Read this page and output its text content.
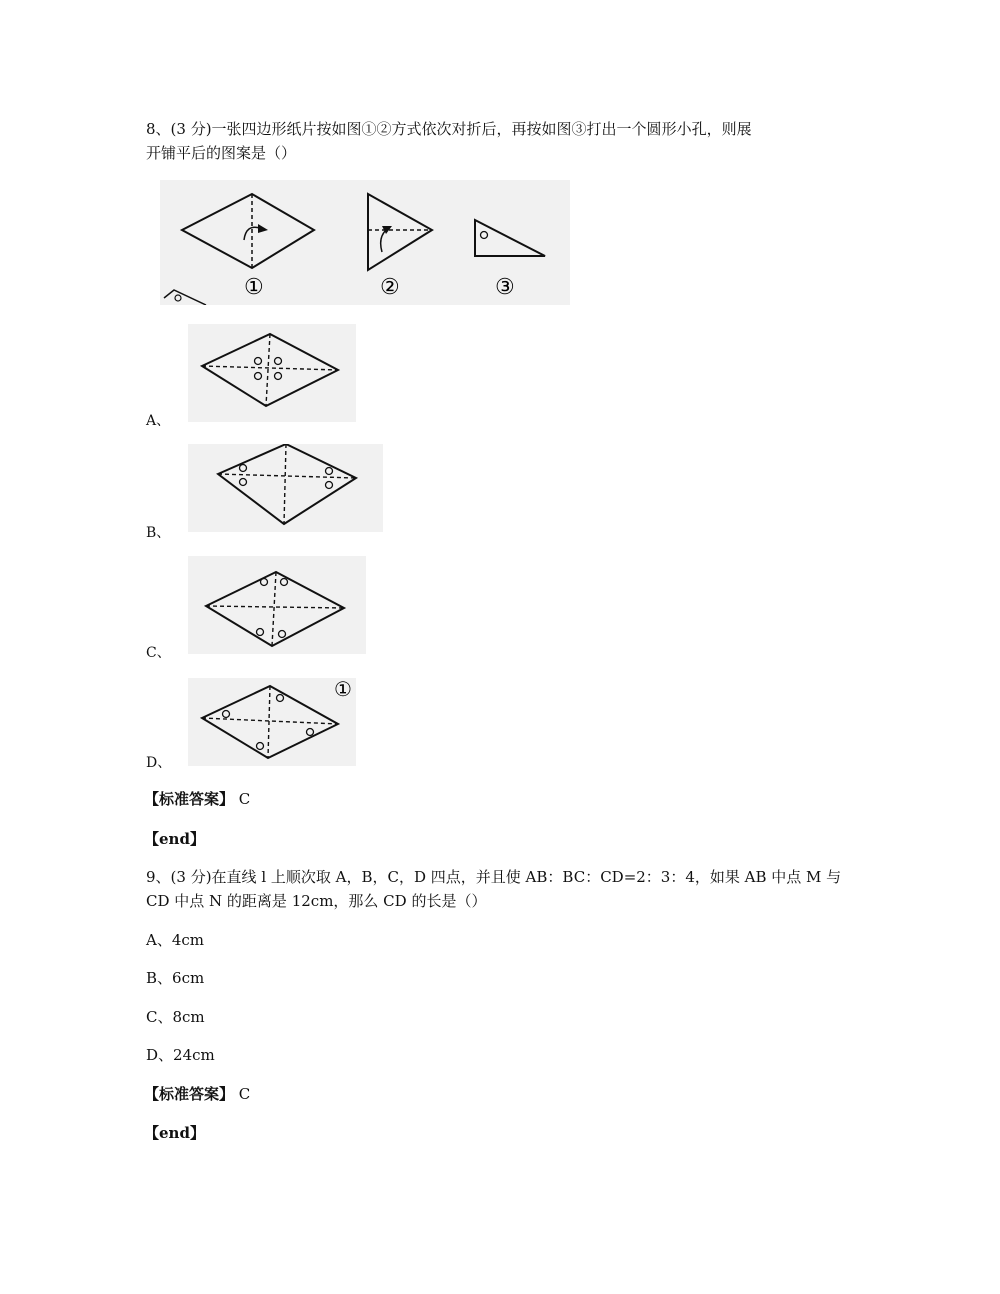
8、(3 分)一张四边形纸片按如图①②方式依次对折后，再按如图③打出一个圆形小孔，则展
开铺平后的图案是（）
①	②	③
A、
B、
C、
①
D、
【标准答案】 C
【end】
9、(3 分)在直线 l 上顺次取 A，B，C，D 四点，并且使 AB：BC：CD=2：3：4，如果 AB 中点 M 与
CD 中点 N 的距离是 12cm，那么 CD 的长是（）
A、4cm
B、6cm
C、8cm
D、24cm
【标准答案】 C
【end】
